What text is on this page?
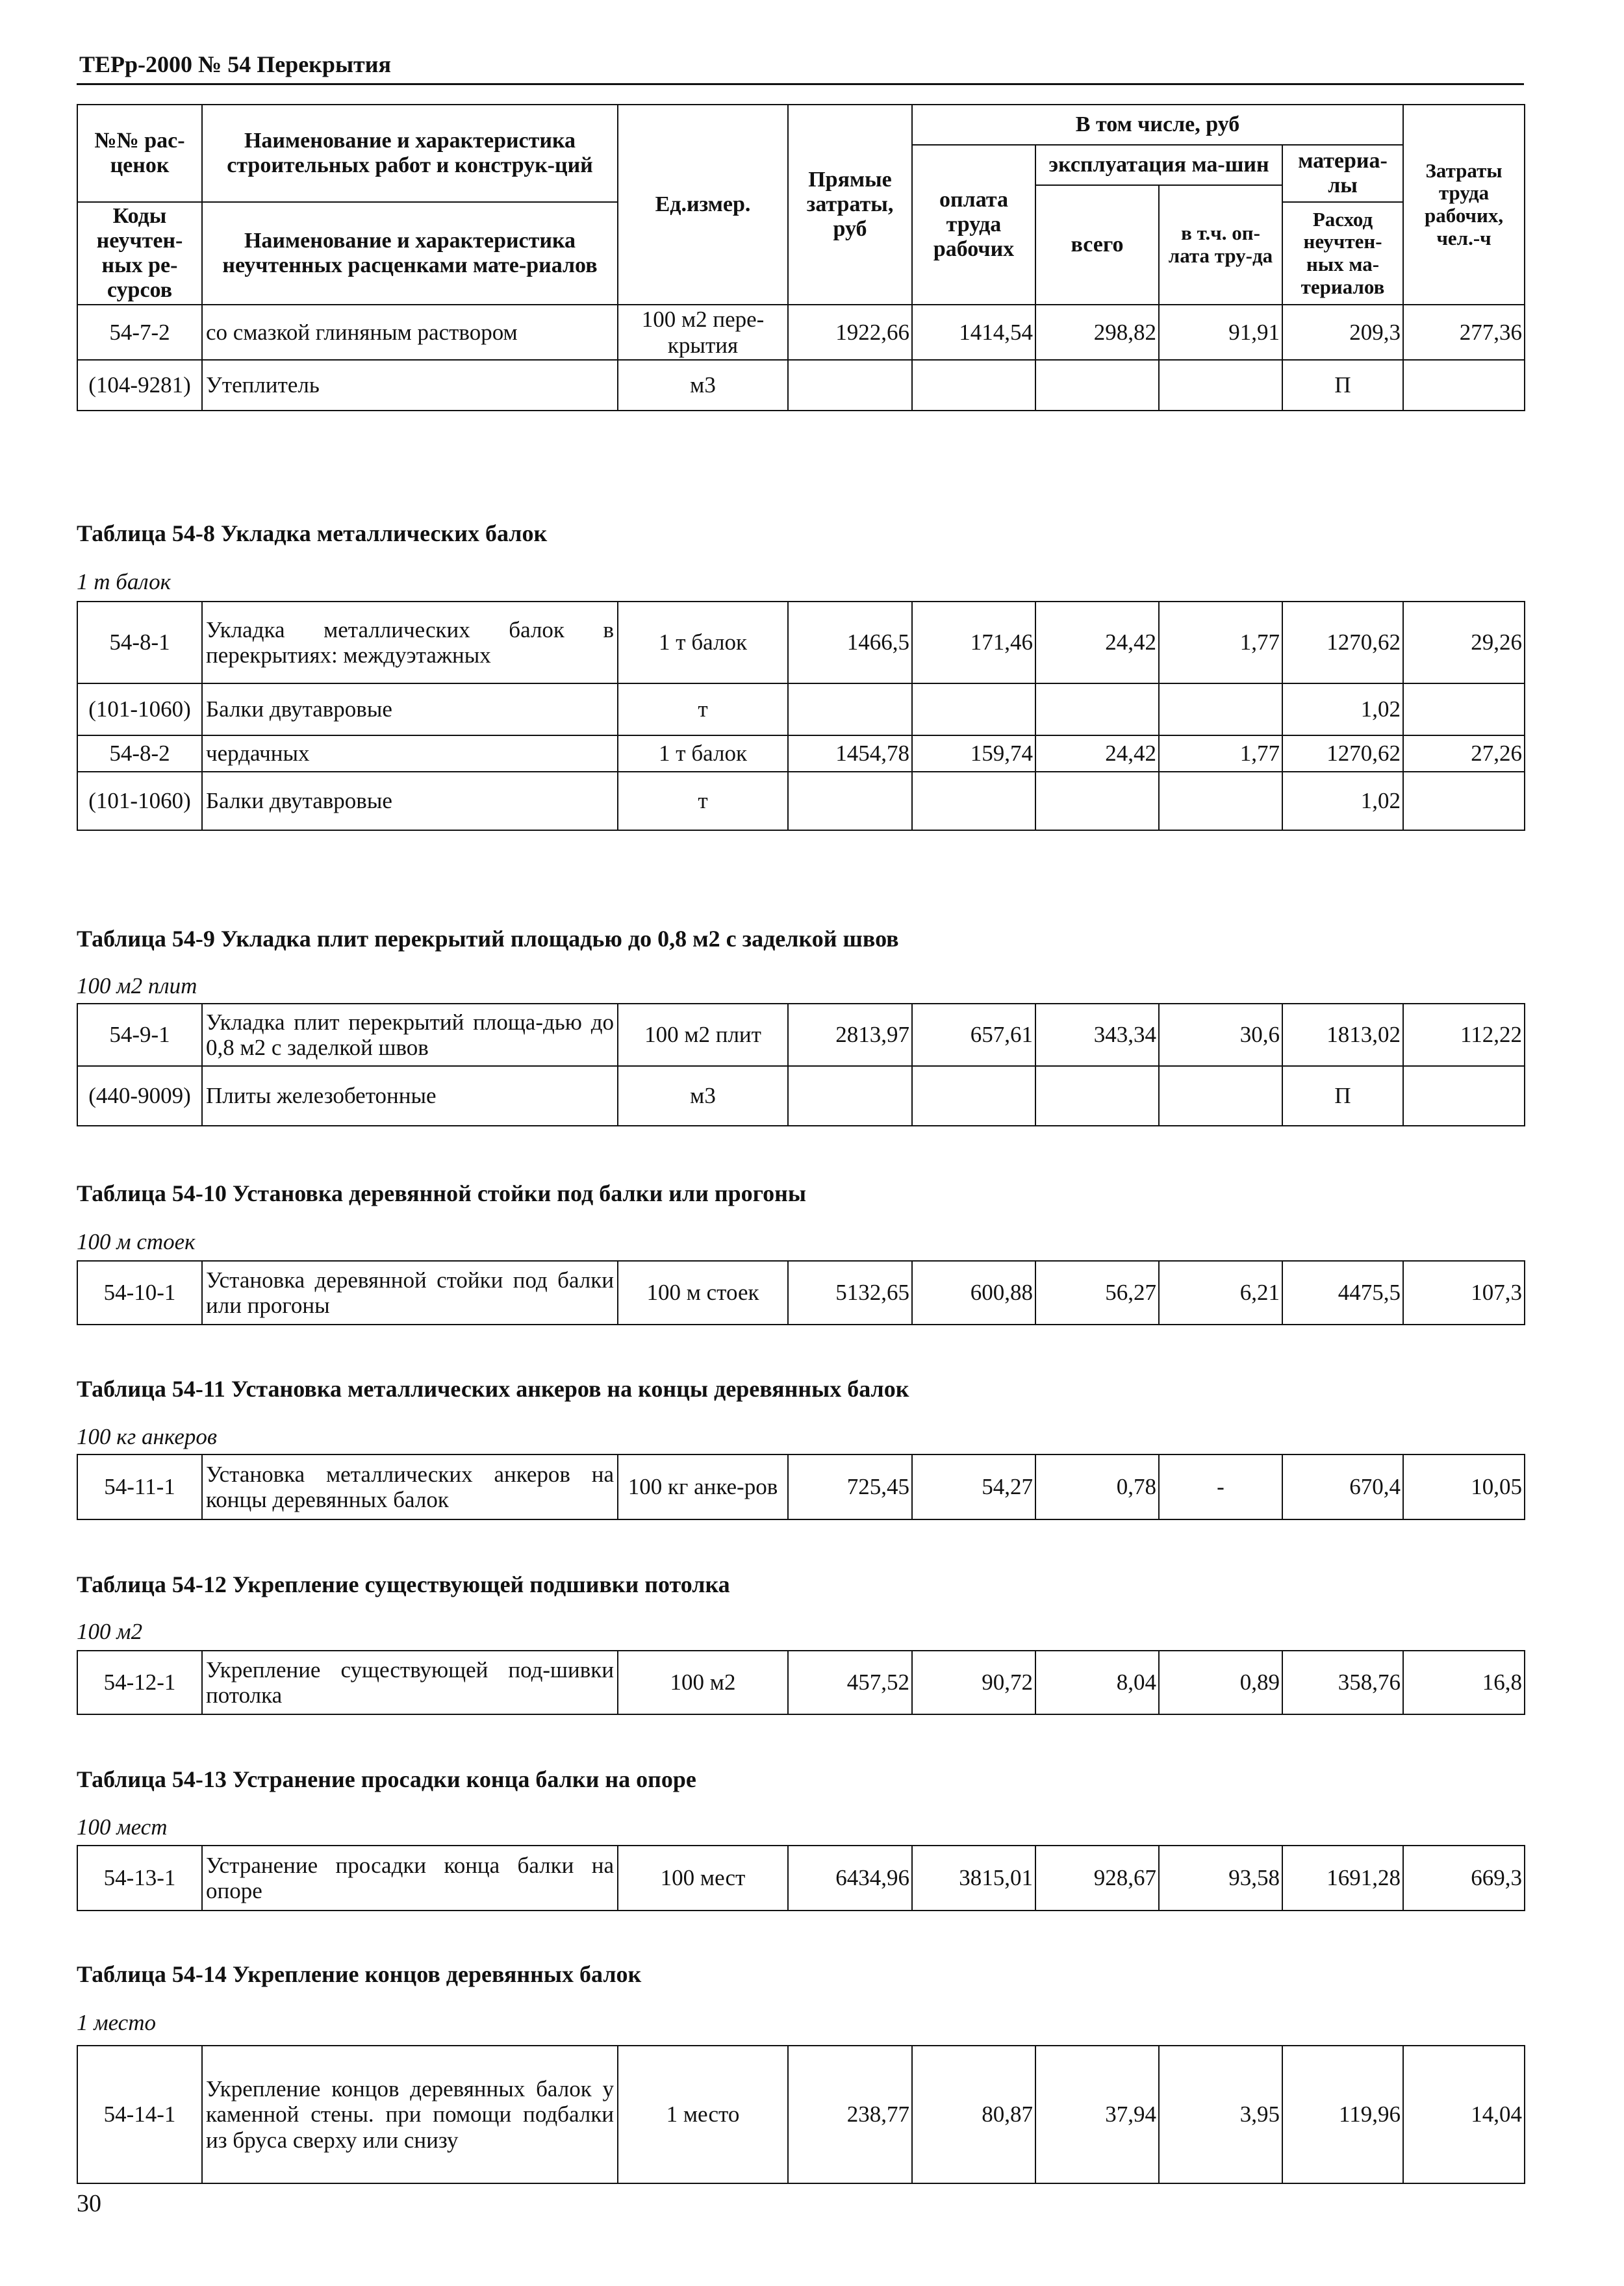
ТЕРр-2000 № 54 Перекрытия
№№ рас-ценок	Наименование и характеристика строительных работ и конструк-ций	Ед.измер.	Прямые затраты, руб	В том числе, руб				Затраты труда рабочих, чел.-ч
				оплата труда рабочих	эксплуатация ма-шин		материа-лы	
					всего	в т.ч. оп-лата тру-да		
Коды неучтен-ных ре-сурсов	Наименование и характеристика неучтенных расценками мате-риалов						Расход неучтен-ных ма-териалов	

54-7-2	со смазкой глиняным раствором	100 м2 пере-крытия	1922,66	1414,54	298,82	91,91	209,3	277,36
(104-9281)	Утеплитель	м3					П	
Таблица 54-8 Укладка металлических балок
1 т балок
54-8-1	Укладка металлических балок в перекрытиях: междуэтажных	1 т балок	1466,5	171,46	24,42	1,77	1270,62	29,26
(101-1060)	Балки двутавровые	т					1,02	
54-8-2	чердачных	1 т балок	1454,78	159,74	24,42	1,77	1270,62	27,26
(101-1060)	Балки двутавровые	т					1,02	
Таблица 54-9 Укладка плит перекрытий площадью до 0,8 м2 с заделкой швов
100 м2 плит
54-9-1	Укладка плит перекрытий площа-дью до 0,8 м2 с заделкой швов	100 м2 плит	2813,97	657,61	343,34	30,6	1813,02	112,22
(440-9009)	Плиты железобетонные	м3					П	
Таблица 54-10 Установка деревянной стойки под балки или прогоны
100 м стоек
54-10-1	Установка деревянной стойки под балки или прогоны	100 м стоек	5132,65	600,88	56,27	6,21	4475,5	107,3
Таблица 54-11 Установка металлических анкеров на концы деревянных балок
100 кг анкеров
54-11-1	Установка металлических анкеров на концы деревянных балок	100 кг анке-ров	725,45	54,27	0,78	-	670,4	10,05
Таблица 54-12 Укрепление существующей подшивки потолка
100 м2
54-12-1	Укрепление существующей под-шивки потолка	100 м2	457,52	90,72	8,04	0,89	358,76	16,8
Таблица 54-13 Устранение просадки конца балки на опоре
100 мест
54-13-1	Устранение просадки конца балки на опоре	100 мест	6434,96	3815,01	928,67	93,58	1691,28	669,3
Таблица 54-14 Укрепление концов деревянных балок
1 место
54-14-1	Укрепление концов деревянных балок у каменной стены. при помощи подбалки из бруса сверху или снизу	1 место	238,77	80,87	37,94	3,95	119,96	14,04
30
